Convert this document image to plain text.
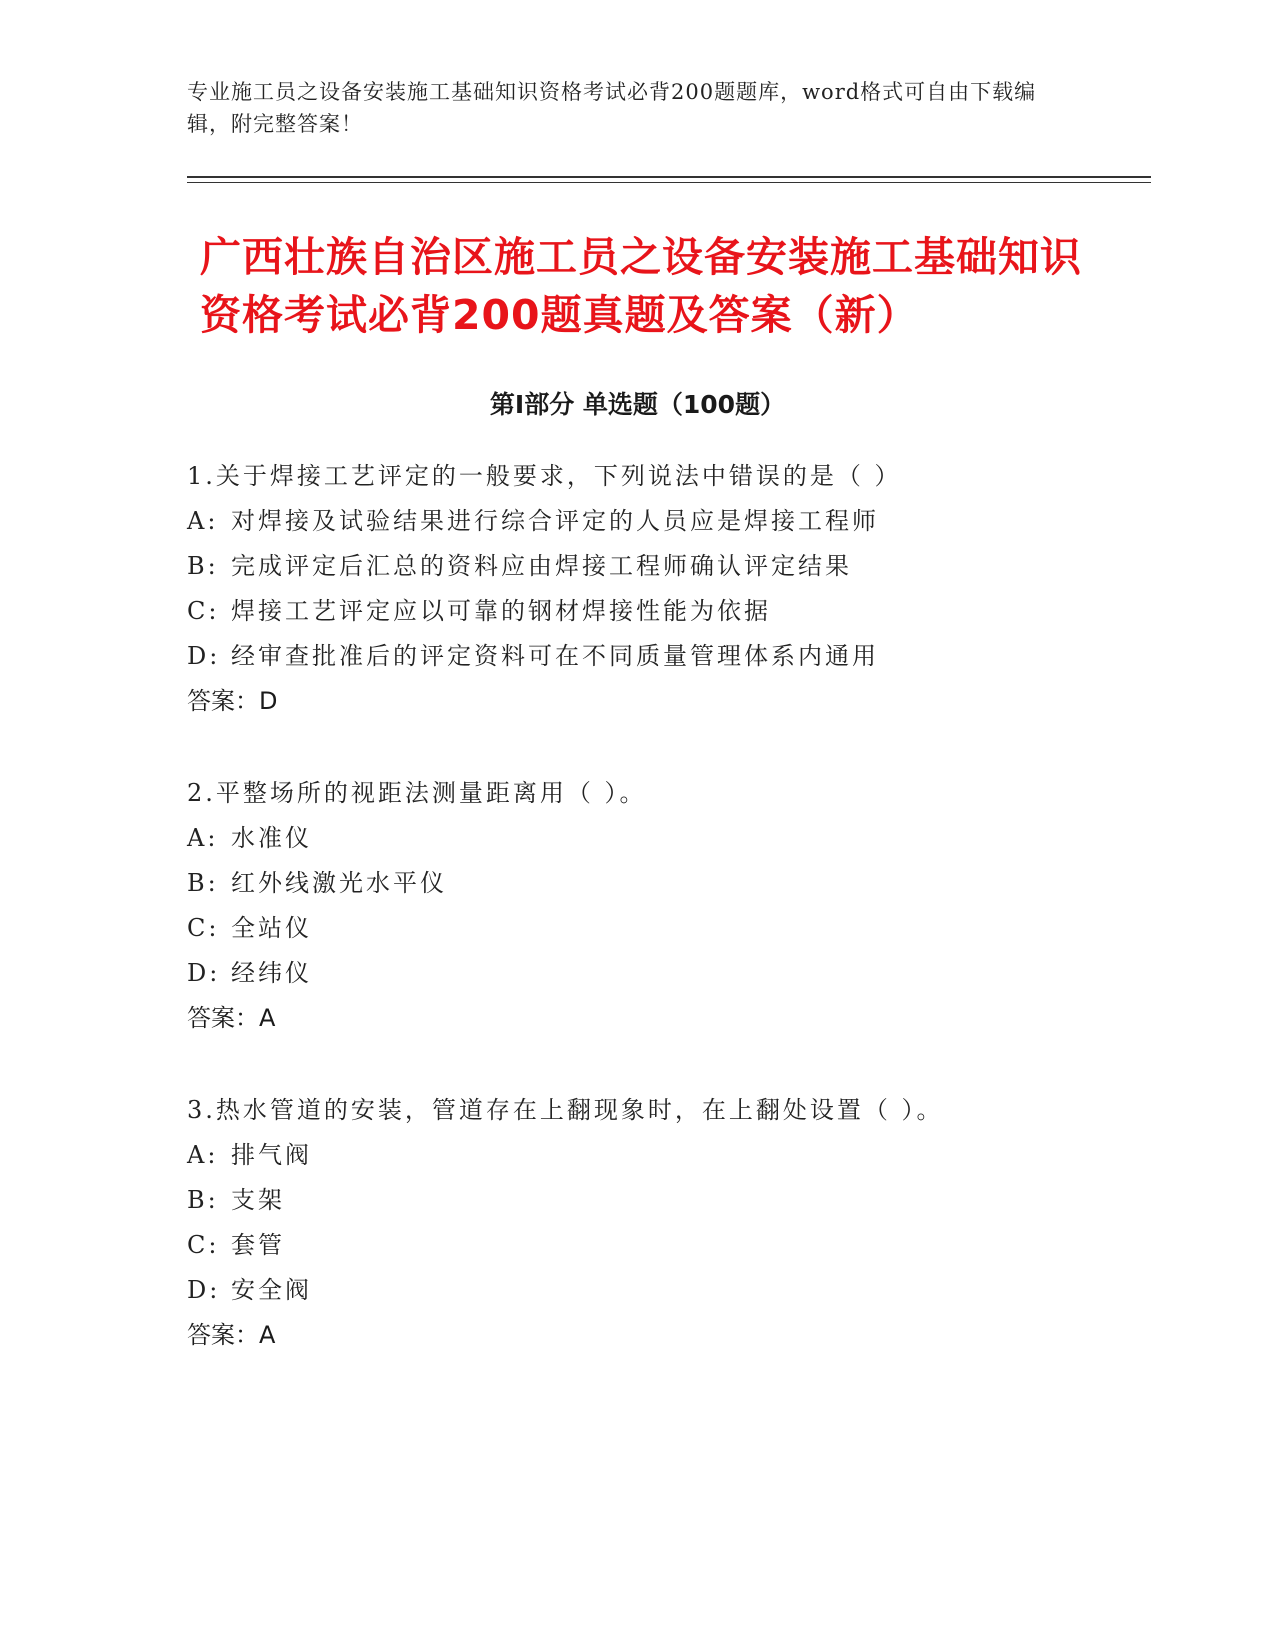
专业施工员之设备安装施工基础知识资格考试必背200题题库，word格式可自由下载编辑，附完整答案！
广西壮族自治区施工员之设备安装施工基础知识资格考试必背200题真题及答案（新）
第Ⅰ部分 单选题（100题）
1.关于焊接工艺评定的一般要求，下列说法中错误的是（ ）
A: 对焊接及试验结果进行综合评定的人员应是焊接工程师
B: 完成评定后汇总的资料应由焊接工程师确认评定结果
C: 焊接工艺评定应以可靠的钢材焊接性能为依据
D: 经审查批准后的评定资料可在不同质量管理体系内通用
答案：D
2.平整场所的视距法测量距离用（ ）。
A: 水准仪
B: 红外线激光水平仪
C: 全站仪
D: 经纬仪
答案：A
3.热水管道的安装，管道存在上翻现象时，在上翻处设置（ ）。
A: 排气阀
B: 支架
C: 套管
D: 安全阀
答案：A
